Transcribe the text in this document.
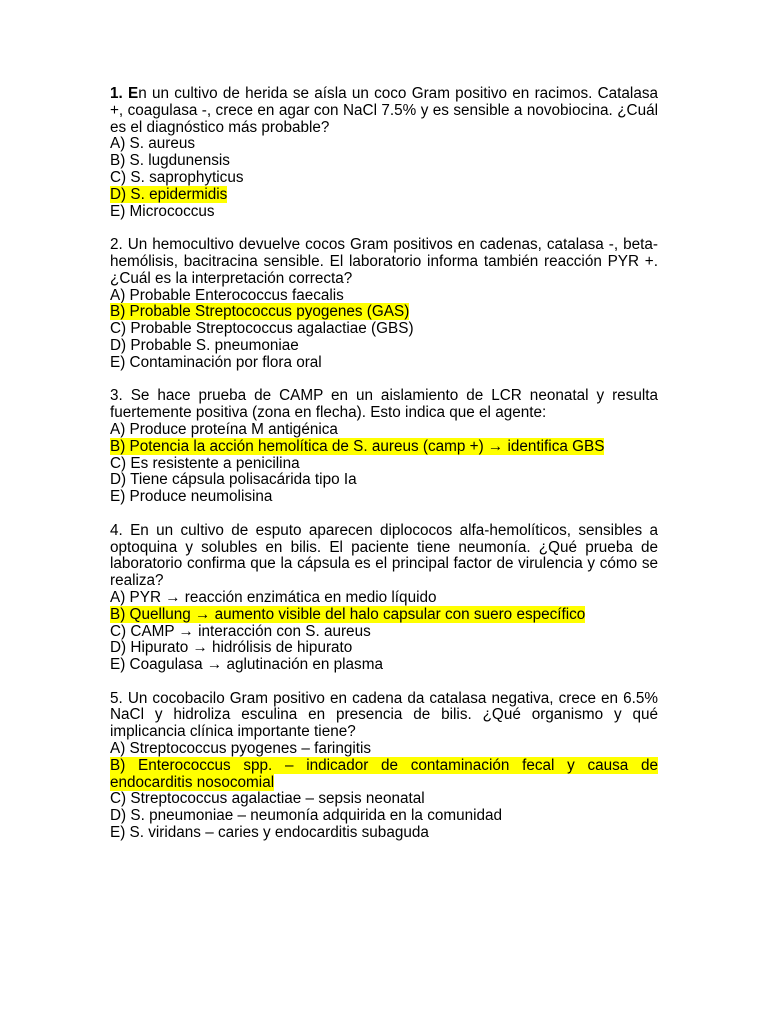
1. En un cultivo de herida se aísla un coco Gram positivo en racimos. Catalasa +, coagulasa -, crece en agar con NaCl 7.5% y es sensible a novobiocina. ¿Cuál es el diagnóstico más probable?
A) S. aureus
B) S. lugdunensis
C) S. saprophyticus
D) S. epidermidis
E) Micrococcus
2. Un hemocultivo devuelve cocos Gram positivos en cadenas, catalasa -, beta-hemólisis, bacitracina sensible. El laboratorio informa también reacción PYR +. ¿Cuál es la interpretación correcta?
A) Probable Enterococcus faecalis
B) Probable Streptococcus pyogenes (GAS)
C) Probable Streptococcus agalactiae (GBS)
D) Probable S. pneumoniae
E) Contaminación por flora oral
3. Se hace prueba de CAMP en un aislamiento de LCR neonatal y resulta fuertemente positiva (zona en flecha). Esto indica que el agente:
A) Produce proteína M antigénica
B) Potencia la acción hemolítica de S. aureus (camp +) → identifica GBS
C) Es resistente a penicilina
D) Tiene cápsula polisacárida tipo Ia
E) Produce neumolisina
4. En un cultivo de esputo aparecen diplococos alfa-hemolíticos, sensibles a optoquina y solubles en bilis. El paciente tiene neumonía. ¿Qué prueba de laboratorio confirma que la cápsula es el principal factor de virulencia y cómo se realiza?
A) PYR → reacción enzimática en medio líquido
B) Quellung → aumento visible del halo capsular con suero específico
C) CAMP → interacción con S. aureus
D) Hipurato → hidrólisis de hipurato
E) Coagulasa → aglutinación en plasma
5. Un cocobacilo Gram positivo en cadena da catalasa negativa, crece en 6.5% NaCl y hidroliza esculina en presencia de bilis. ¿Qué organismo y qué implicancia clínica importante tiene?
A) Streptococcus pyogenes – faringitis
B) Enterococcus spp. – indicador de contaminación fecal y causa de endocarditis nosocomial
C) Streptococcus agalactiae – sepsis neonatal
D) S. pneumoniae – neumonía adquirida en la comunidad
E) S. viridans – caries y endocarditis subaguda
